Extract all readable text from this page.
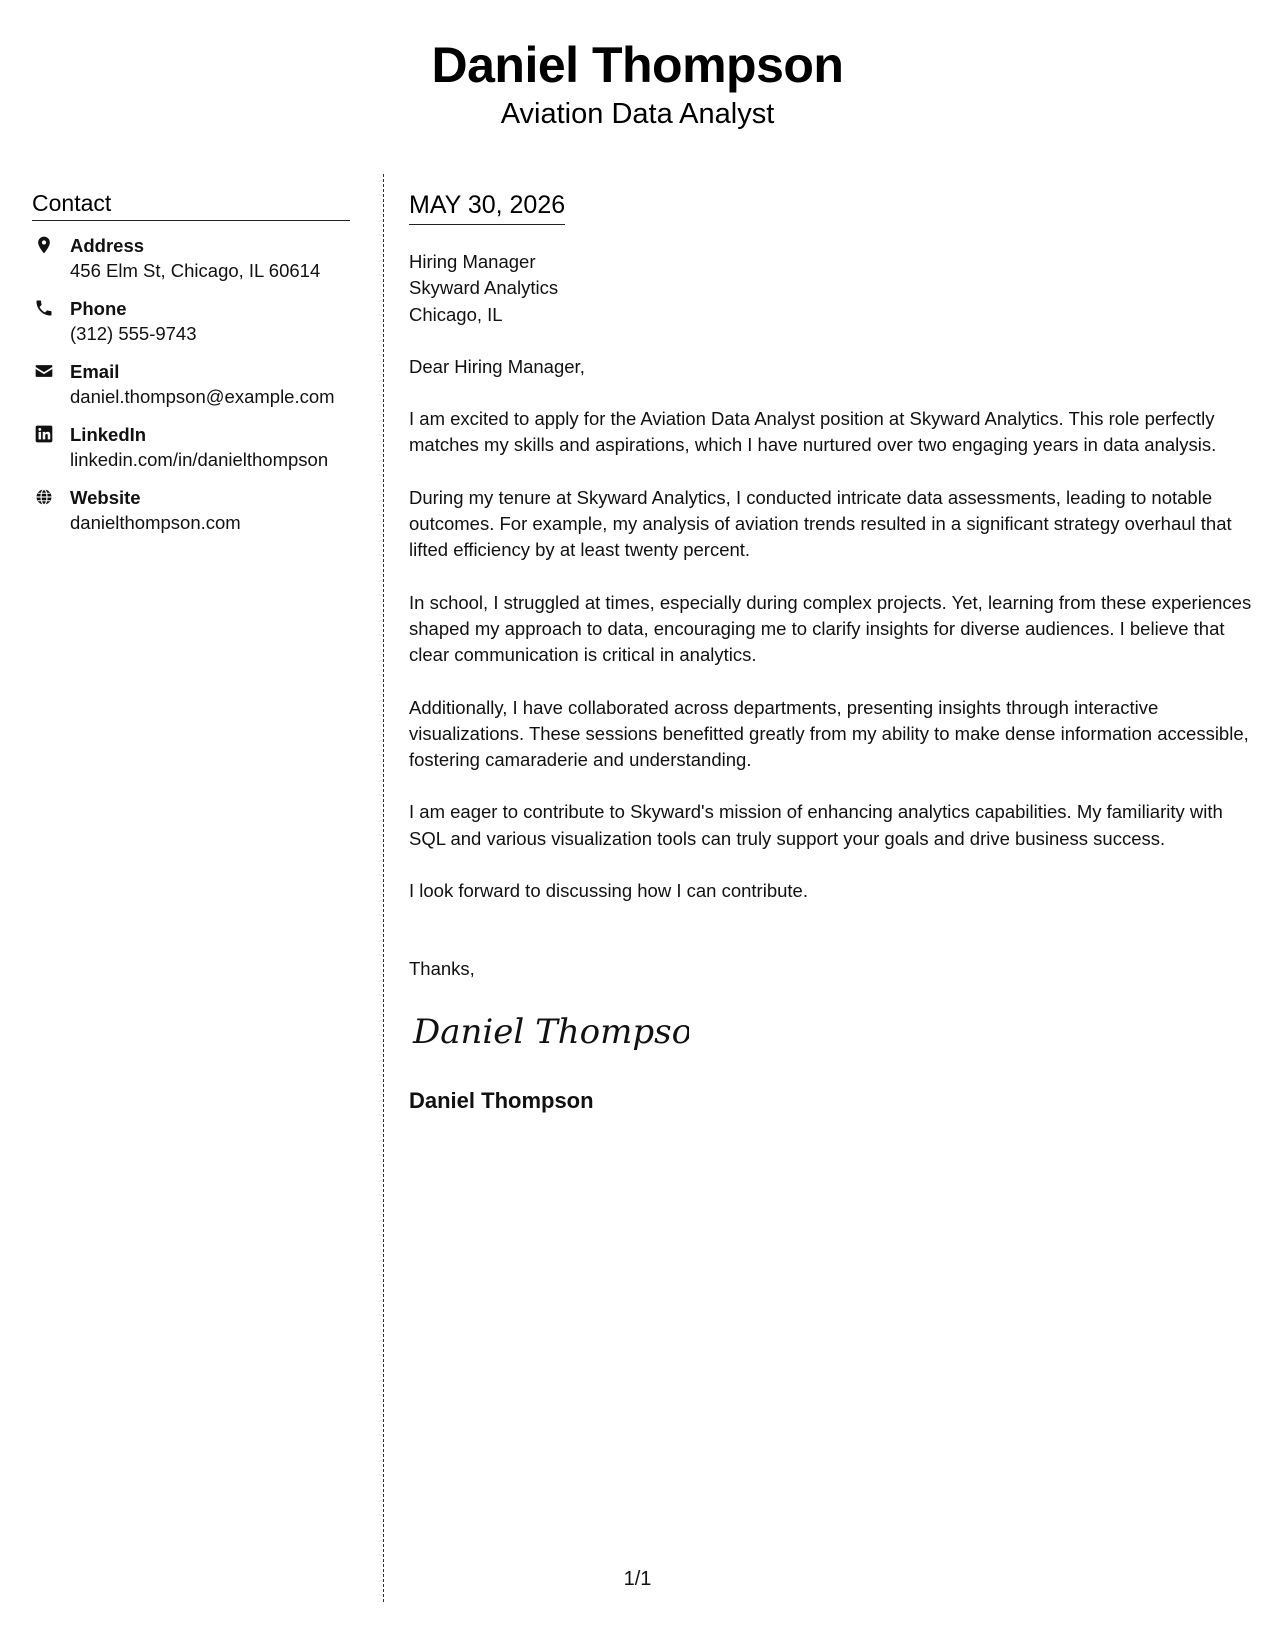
Daniel Thompson
Aviation Data Analyst
Contact
Address
456 Elm St, Chicago, IL 60614
Phone
(312) 555-9743
Email
daniel.thompson@example.com
LinkedIn
linkedin.com/in/danielthompson
Website
danielthompson.com
MAY 30, 2026
Hiring Manager
Skyward Analytics
Chicago, IL
Dear Hiring Manager,
I am excited to apply for the Aviation Data Analyst position at Skyward Analytics. This role perfectly matches my skills and aspirations, which I have nurtured over two engaging years in data analysis.
During my tenure at Skyward Analytics, I conducted intricate data assessments, leading to notable outcomes. For example, my analysis of aviation trends resulted in a significant strategy overhaul that lifted efficiency by at least twenty percent.
In school, I struggled at times, especially during complex projects. Yet, learning from these experiences shaped my approach to data, encouraging me to clarify insights for diverse audiences. I believe that clear communication is critical in analytics.
Additionally, I have collaborated across departments, presenting insights through interactive visualizations. These sessions benefitted greatly from my ability to make dense information accessible, fostering camaraderie and understanding.
I am eager to contribute to Skyward's mission of enhancing analytics capabilities. My familiarity with SQL and various visualization tools can truly support your goals and drive business success.
I look forward to discussing how I can contribute.
Thanks,
Daniel Thompson
Daniel Thompson
1/1
